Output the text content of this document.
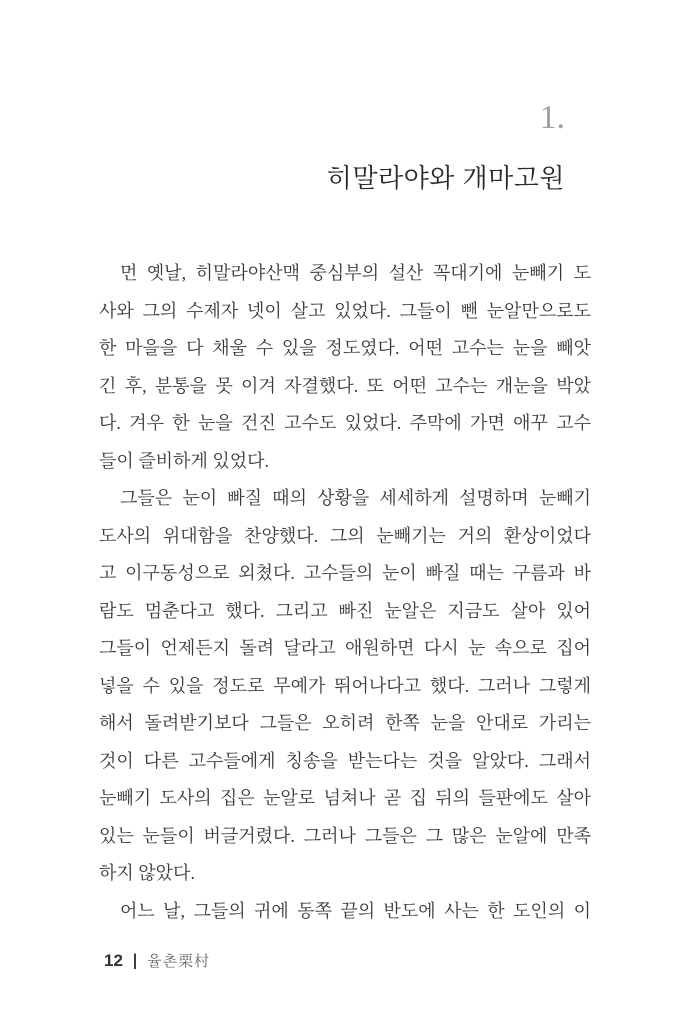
1.
히말라야와 개마고원
먼 옛날, 히말라야산맥 중심부의 설산 꼭대기에 눈빼기 도
사와 그의 수제자 넷이 살고 있었다. 그들이 뺀 눈알만으로도
한 마을을 다 채울 수 있을 정도였다. 어떤 고수는 눈을 빼앗
긴 후, 분통을 못 이겨 자결했다. 또 어떤 고수는 개눈을 박았
다. 겨우 한 눈을 건진 고수도 있었다. 주막에 가면 애꾸 고수
들이 즐비하게 있었다.
그들은 눈이 빠질 때의 상황을 세세하게 설명하며 눈빼기
도사의 위대함을 찬양했다. 그의 눈빼기는 거의 환상이었다
고 이구동성으로 외쳤다. 고수들의 눈이 빠질 때는 구름과 바
람도 멈춘다고 했다. 그리고 빠진 눈알은 지금도 살아 있어
그들이 언제든지 돌려 달라고 애원하면 다시 눈 속으로 집어
넣을 수 있을 정도로 무예가 뛰어나다고 했다. 그러나 그렇게
해서 돌려받기보다 그들은 오히려 한쪽 눈을 안대로 가리는
것이 다른 고수들에게 칭송을 받는다는 것을 알았다. 그래서
눈빼기 도사의 집은 눈알로 넘쳐나 곧 집 뒤의 들판에도 살아
있는 눈들이 버글거렸다. 그러나 그들은 그 많은 눈알에 만족
하지 않았다.
어느 날, 그들의 귀에 동쪽 끝의 반도에 사는 한 도인의 이
12 | 율촌栗村
